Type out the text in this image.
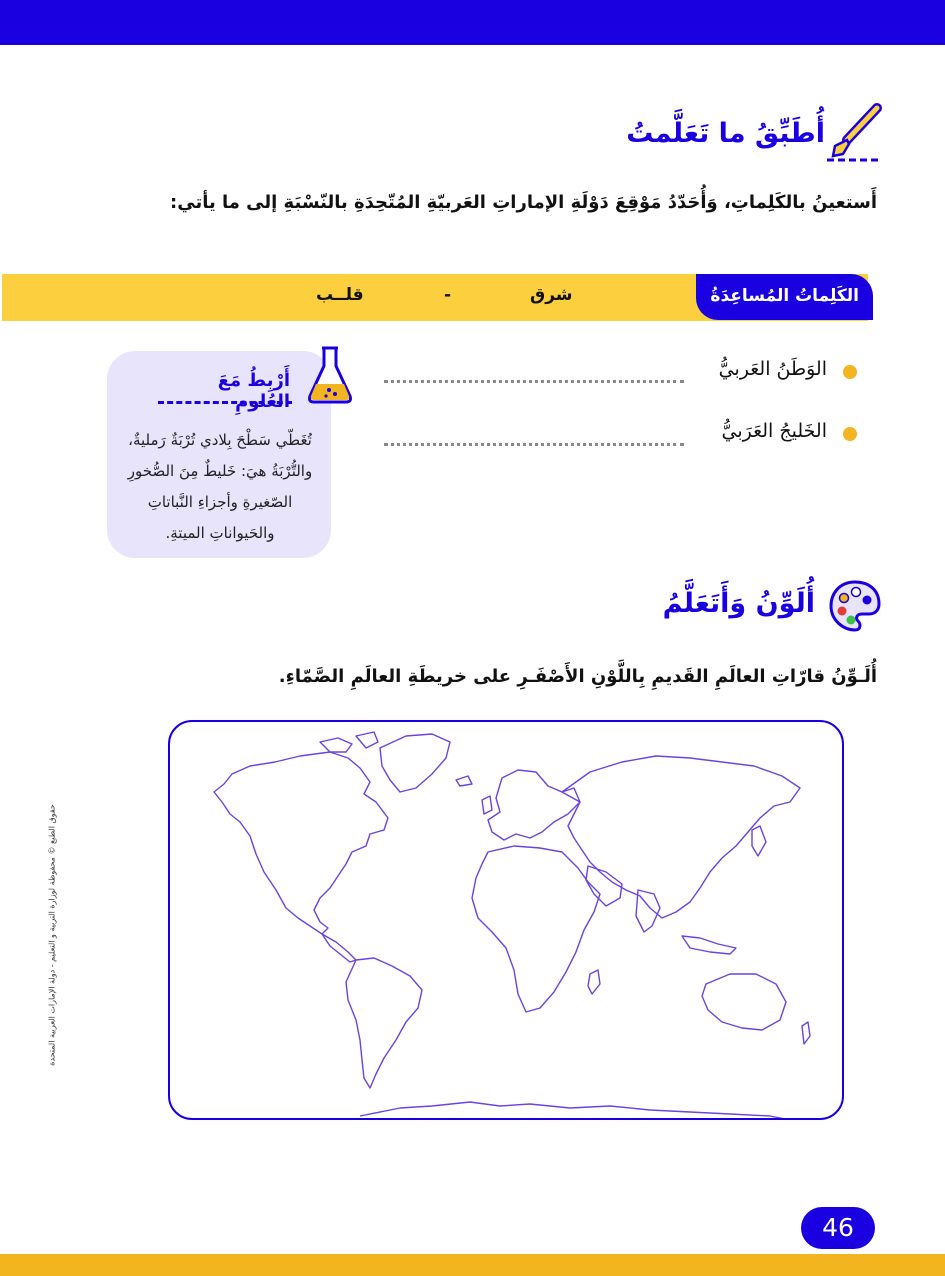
أُطَبِّقُ ما تَعَلَّمتُ
أَستعينُ بالكَلِماتِ، وَأُحَدّدُ مَوْقِعَ دَوْلَةِ الإماراتِ العَربيّةِ المُتّحِدَةِ بالنّسْبَةِ إلى ما يأتي:
الكَلِماتُ المُساعِدَةُ
شرق
-
قلــب
الوَطَنُ العَربيُّ
الخَليجُ العَرَبيُّ
أَرْبِطُ مَعَ العُلومِ
تُغَطّي سَطْحَ بِلادي تُرْبَةٌ رَمليةٌ، والتُّرْبَةُ هيَ: خَليطٌ مِنَ الصُّخورِ الصّغيرةِ وأجزاءِ النَّباتاتِ والحَيواناتِ الميتةِ.
أُلَوِّنُ وَأَتَعَلَّمُ
أُلَـوِّنُ قارّاتِ العالَمِ القَديمِ بِاللَّوْنِ الأَصْفَـرِ على خريطَةِ العالَمِ الصَّمّاءِ.
حقوق الطبع © محفوظة لوزارة التربية و التعليم - دولة الإمارات العربية المتحدة
46
